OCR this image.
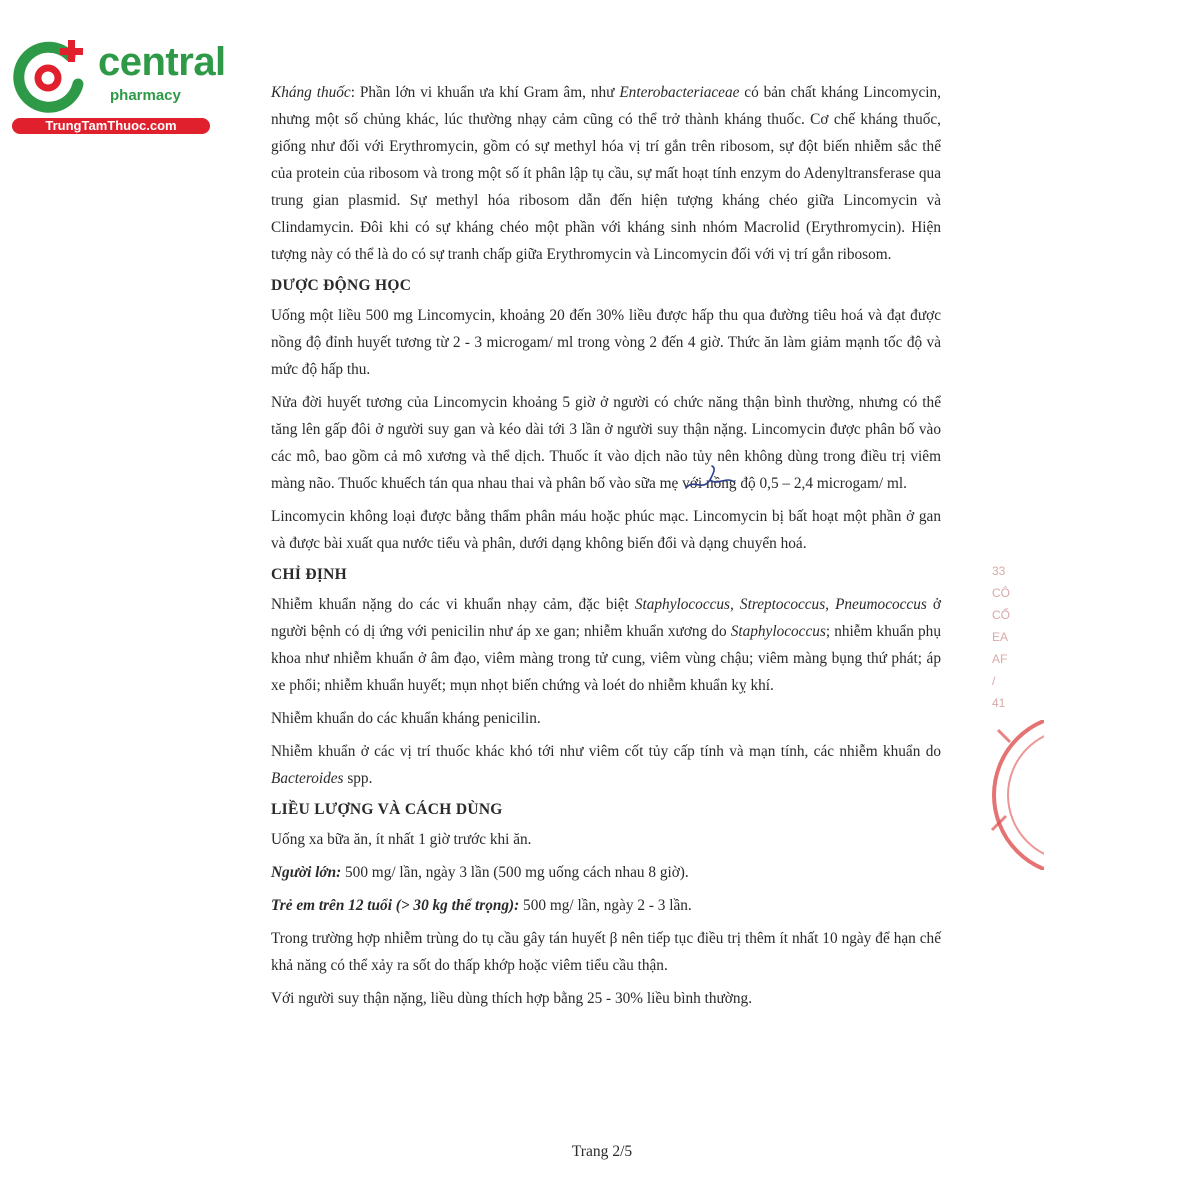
central
pharmacy
TrungTamThuoc.com

Kháng thuốc: Phần lớn vi khuẩn ưa khí Gram âm, như Enterobacteriaceae có bản chất kháng Lincomycin, nhưng một số chủng khác, lúc thường nhạy cảm cũng có thể trở thành kháng thuốc. Cơ chế kháng thuốc, giống như đối với Erythromycin, gồm có sự methyl hóa vị trí gắn trên ribosom, sự đột biến nhiễm sắc thể của protein của ribosom và trong một số ít phân lập tụ cầu, sự mất hoạt tính enzym do Adenyltransferase qua trung gian plasmid. Sự methyl hóa ribosom dẫn đến hiện tượng kháng chéo giữa Lincomycin và Clindamycin. Đôi khi có sự kháng chéo một phần với kháng sinh nhóm Macrolid (Erythromycin). Hiện tượng này có thể là do có sự tranh chấp giữa Erythromycin và Lincomycin đối với vị trí gắn ribosom.

DƯỢC ĐỘNG HỌC

Uống một liều 500 mg Lincomycin, khoảng 20 đến 30% liều được hấp thu qua đường tiêu hoá và đạt được nồng độ đỉnh huyết tương từ 2 - 3 microgam/ ml trong vòng 2 đến 4 giờ. Thức ăn làm giảm mạnh tốc độ và mức độ hấp thu.

Nửa đời huyết tương của Lincomycin khoảng 5 giờ ở người có chức năng thận bình thường, nhưng có thể tăng lên gấp đôi ở người suy gan và kéo dài tới 3 lần ở người suy thận nặng. Lincomycin được phân bố vào các mô, bao gồm cả mô xương và thể dịch. Thuốc ít vào dịch não tủy nên không dùng trong điều trị viêm màng não. Thuốc khuếch tán qua nhau thai và phân bố vào sữa mẹ với nồng độ 0,5 – 2,4 microgam/ ml.

Lincomycin không loại được bằng thẩm phân máu hoặc phúc mạc. Lincomycin bị bất hoạt một phần ở gan và được bài xuất qua nước tiểu và phân, dưới dạng không biến đổi và dạng chuyển hoá.

CHỈ ĐỊNH

Nhiễm khuẩn nặng do các vi khuẩn nhạy cảm, đặc biệt Staphylococcus, Streptococcus, Pneumococcus ở người bệnh có dị ứng với penicilin như áp xe gan; nhiễm khuẩn xương do Staphylococcus; nhiễm khuẩn phụ khoa như nhiễm khuẩn ở âm đạo, viêm màng trong tử cung, viêm vùng chậu; viêm màng bụng thứ phát; áp xe phổi; nhiễm khuẩn huyết; mụn nhọt biến chứng và loét do nhiễm khuẩn kỵ khí.

Nhiễm khuẩn do các khuẩn kháng penicilin.

Nhiễm khuẩn ở các vị trí thuốc khác khó tới như viêm cốt tủy cấp tính và mạn tính, các nhiễm khuẩn do Bacteroides spp.

LIỀU LƯỢNG VÀ CÁCH DÙNG

Uống xa bữa ăn, ít nhất 1 giờ trước khi ăn.

Người lớn: 500 mg/ lần, ngày 3 lần (500 mg uống cách nhau 8 giờ).

Trẻ em trên 12 tuổi (> 30 kg thể trọng): 500 mg/ lần, ngày 2 - 3 lần.

Trong trường hợp nhiễm trùng do tụ cầu gây tán huyết β nên tiếp tục điều trị thêm ít nhất 10 ngày để hạn chế khả năng có thể xảy ra sốt do thấp khớp hoặc viêm tiểu cầu thận.

Với người suy thận nặng, liều dùng thích hợp bằng 25 - 30% liều bình thường.

33
CÔ
CỔ
EA
AF
/
41
Trang 2/5
